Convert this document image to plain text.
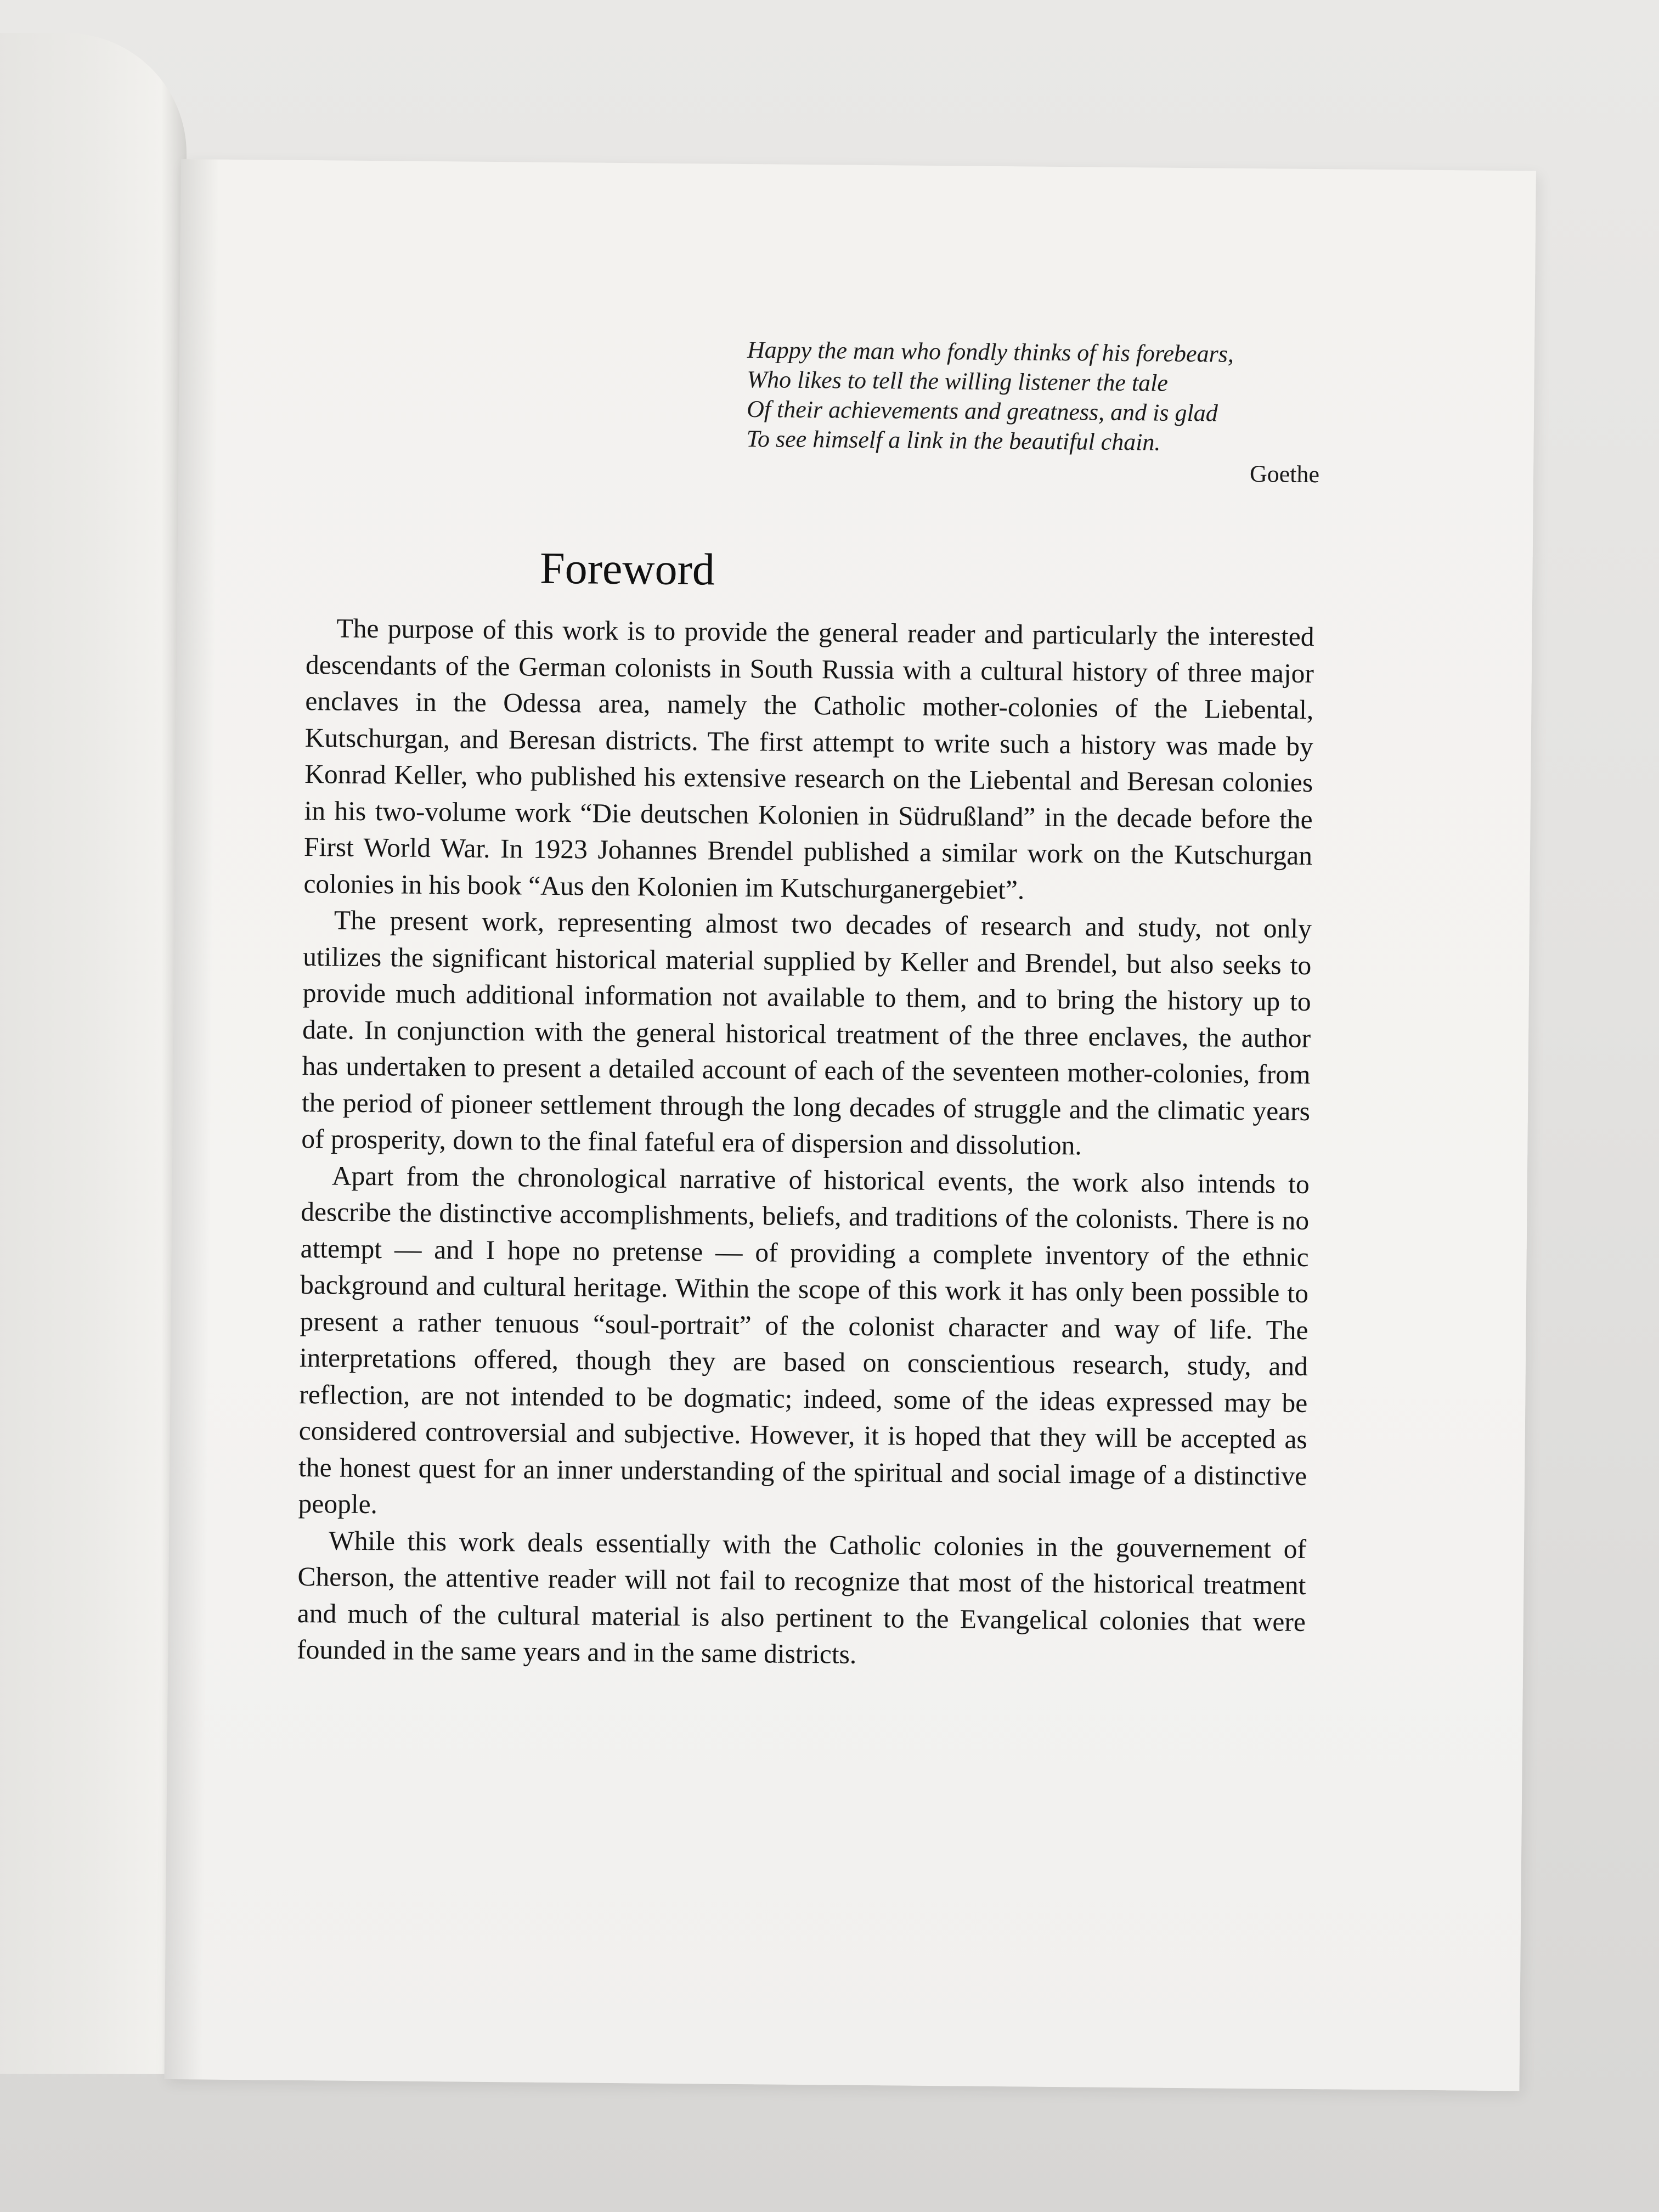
Happy the man who fondly thinks of his forebears,
Who likes to tell the willing listener the tale
Of their achievements and greatness, and is glad
To see himself a link in the beautiful chain.
Goethe
Foreword

The purpose of this work is to provide the general reader and particularly the interested descendants of the German colonists in South Russia with a cultural history of three major enclaves in the Odessa area, namely the Catholic mother-colonies of the Liebental, Kutschurgan, and Beresan districts. The first attempt to write such a history was made by Konrad Keller, who published his extensive research on the Liebental and Beresan colonies in his two-volume work “Die deutschen Kolonien in Südrußland” in the decade before the First World War. In 1923 Johannes Brendel published a similar work on the Kutschurgan colonies in his book “Aus den Kolonien im Kutschurganergebiet”.

The present work, representing almost two decades of research and study, not only utilizes the significant historical material supplied by Keller and Brendel, but also seeks to provide much additional information not available to them, and to bring the history up to date. In conjunction with the general historical treatment of the three enclaves, the author has undertaken to present a detailed account of each of the seventeen mother-colonies, from the period of pioneer settlement through the long decades of struggle and the climatic years of prosperity, down to the final fateful era of dispersion and dissolution.

Apart from the chronological narrative of historical events, the work also intends to describe the distinctive accomplishments, beliefs, and traditions of the colonists. There is no attempt — and I hope no pretense — of providing a complete inventory of the ethnic background and cultural heritage. Within the scope of this work it has only been possible to present a rather tenuous “soul-portrait” of the colonist character and way of life. The interpretations offered, though they are based on conscientious research, study, and reflection, are not intended to be dogmatic; indeed, some of the ideas expressed may be considered controversial and subjective. However, it is hoped that they will be accepted as the honest quest for an inner understanding of the spiritual and social image of a distinctive people.

While this work deals essentially with the Catholic colonies in the gouvernement of Cherson, the attentive reader will not fail to recognize that most of the historical treatment and much of the cultural material is also pertinent to the Evangelical colonies that were founded in the same years and in the same districts.
